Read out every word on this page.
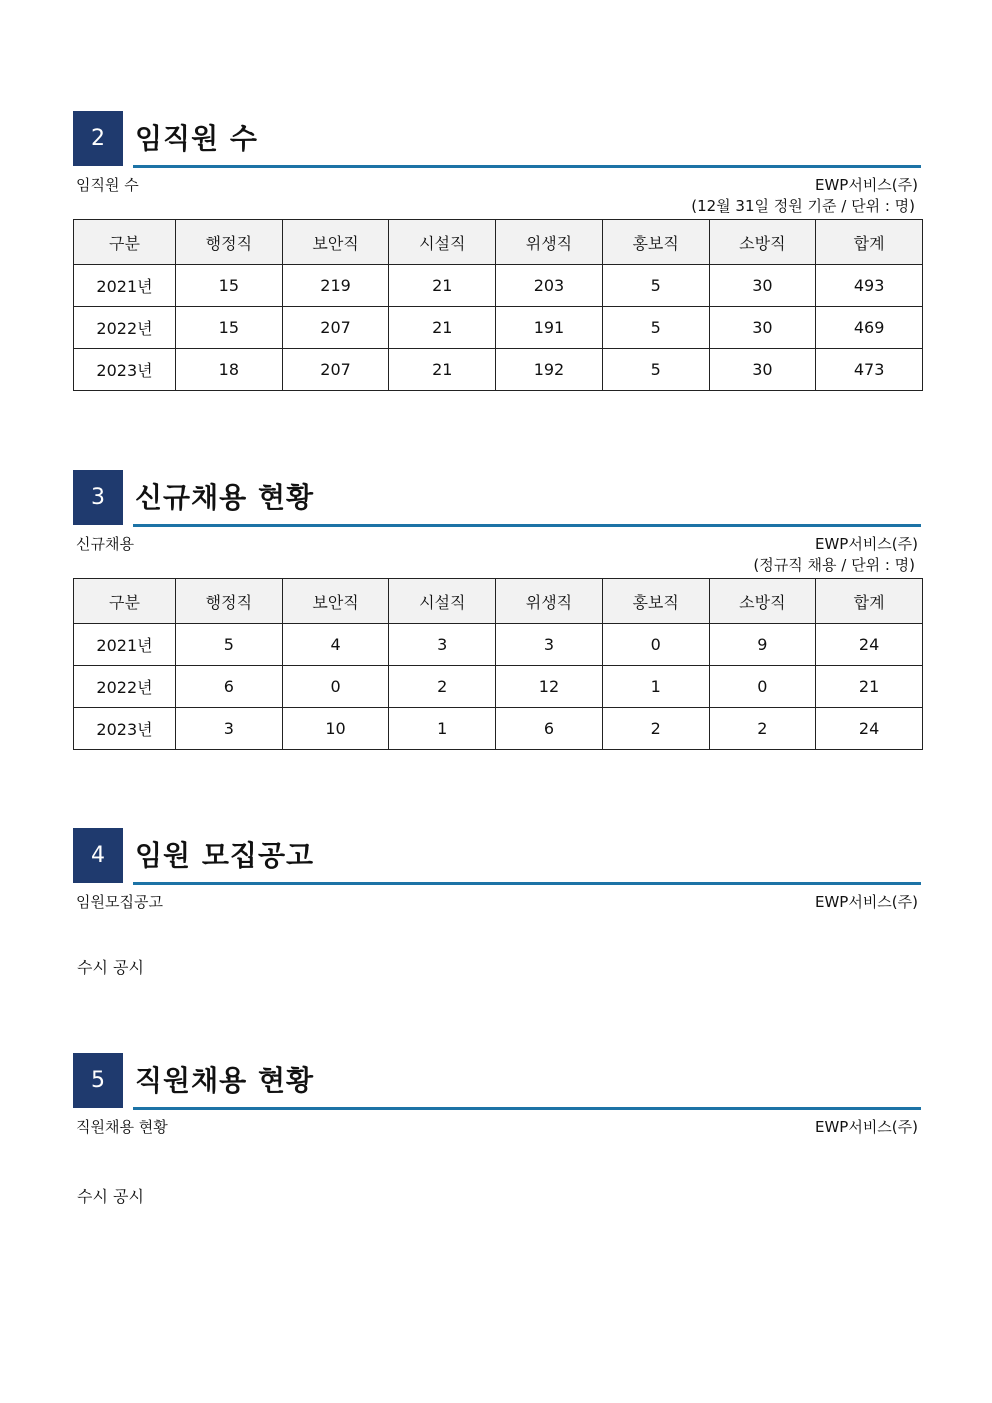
2	임직원 수
임직원 수	EWP서비스(주)
(12월 31일 정원 기준 / 단위 : 명)
구분	행정직	보안직	시설직	위생직	홍보직	소방직	합계
2021년	15	219	21	203	5	30	493
2022년	15	207	21	191	5	30	469
2023년	18	207	21	192	5	30	473
3	신규채용 현황
신규채용	EWP서비스(주)
(정규직 채용 / 단위 : 명)
구분	행정직	보안직	시설직	위생직	홍보직	소방직	합계
2021년	5	4	3	3	0	9	24
2022년	6	0	2	12	1	0	21
2023년	3	10	1	6	2	2	24
4	임원 모집공고
임원모집공고	EWP서비스(주)
수시 공시
5	직원채용 현황
직원채용 현황	EWP서비스(주)
수시 공시
